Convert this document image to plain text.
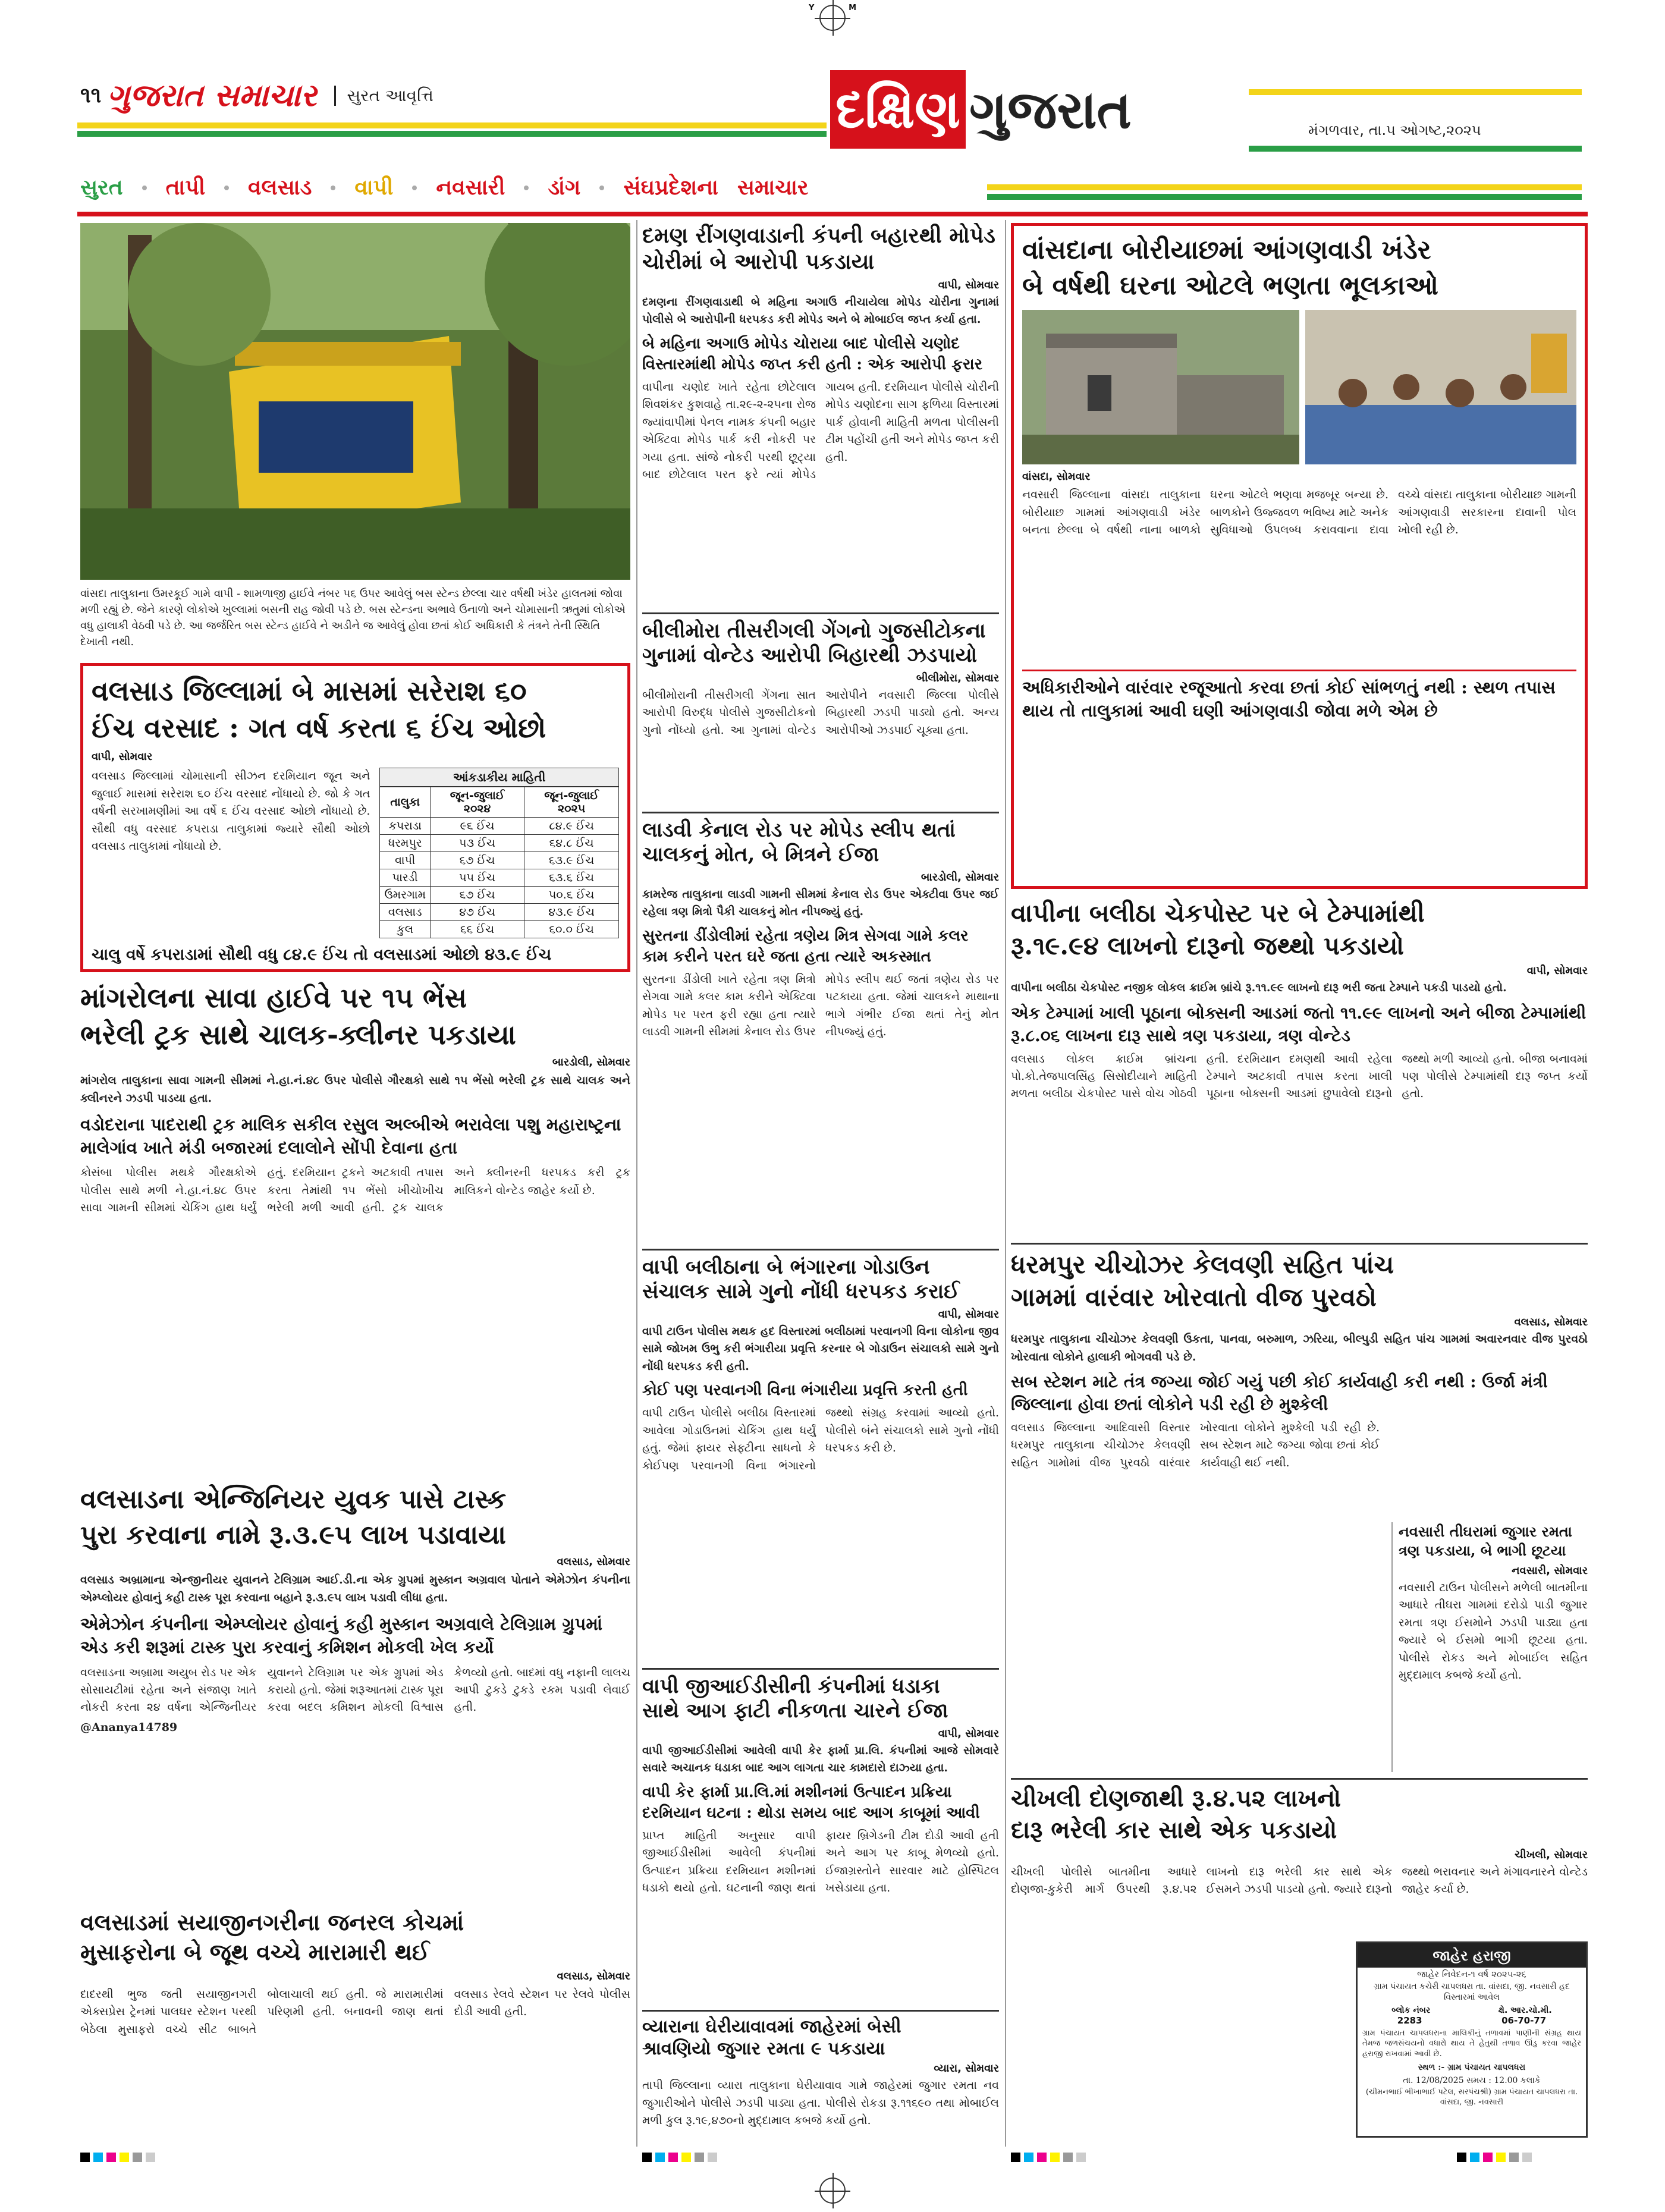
Y	M
૧૧ ગુજરાત સમાચાર	સુરત આવૃત્તિ	દક્ષિણ ગુજરાત	મંગળવાર, તા.૫ ઓગષ્ટ,૨૦૨૫
સુરત તાપી વલસાડ વાપી નવસારી ડાંગ સંઘપ્રદેશના સમાચાર
વાંસદા તાલુકાના ઉમરકૂઈ ગામે વાપી - શામળાજી હાઈવે નંબર ૫૬ ઉપર આવેલું બસ સ્ટેન્ડ છેલ્લા ચાર વર્ષથી ખંડેર હાલતમાં જોવા મળી રહ્યું છે. જેને કારણે લોકોએ ખુલ્લામાં બસની રાહ જોવી પડે છે. બસ સ્ટેન્ડના અભાવે ઉનાળો અને ચોમાસાની ઋતુમાં લોકોએ વધુ હાલાકી વેઠવી પડે છે. આ જર્જરિત બસ સ્ટેન્ડ હાઈવે ને અડીને જ આવેલું હોવા છતાં કોઈ અધિકારી કે તંત્રને તેની સ્થિતિ દેખાતી નથી.
વલસાડ જિલ્લામાં બે માસમાં સરેરાશ ૬૦
ઈંચ વરસાદ : ગત વર્ષ કરતા ૬ ઈંચ ઓછો
વાપી, સોમવાર
વલસાડ જિલ્લામાં ચોમાસાની સીઝન દરમિયાન જૂન અને જુલાઈ માસમાં સરેરાશ ૬૦ ઈંચ વરસાદ નોંધાયો છે. જો કે ગત વર્ષની સરખામણીમાં આ વર્ષે ૬ ઈંચ વરસાદ ઓછો નોંધાયો છે. સૌથી વધુ વરસાદ કપરાડા તાલુકામાં જ્યારે સૌથી ઓછો વલસાડ તાલુકામાં નોંધાયો છે.
આંકડાકીય માહિતી
તાલુકા	જૂન-જુલાઈ ૨૦૨૪	જૂન-જુલાઈ ૨૦૨૫
કપરાડા	૯૬ ઈંચ	૮૪.૯ ઈંચ
ધરમપુર	૫૩ ઈંચ	૬૪.૮ ઈંચ
વાપી	૬૭ ઈંચ	૬૩.૯ ઈંચ
પારડી	૫૫ ઈંચ	૬૩.૬ ઈંચ
ઉમરગામ	૬૭ ઈંચ	૫૦.૬ ઈંચ
વલસાડ	૪૭ ઈંચ	૪૩.૯ ઈંચ
કુલ	૬૬ ઈંચ	૬૦.૦ ઈંચ
ચાલુ વર્ષે કપરાડામાં સૌથી વધુ ૮૪.૯ ઈંચ તો વલસાડમાં ઓછો ૪૩.૯ ઈંચ
માંગરોલના સાવા હાઈવે પર ૧૫ ભેંસ
ભરેલી ટ્રક સાથે ચાલક-ક્લીનર પકડાયા
બારડોલી, સોમવાર
માંગરોલ તાલુકાના સાવા ગામની સીમમાં ને.હા.નં.૪૮ ઉપર પોલીસે ગૌરક્ષકો સાથે ૧૫ ભેંસો ભરેલી ટ્રક સાથે ચાલક અને ક્લીનરને ઝડપી પાડયા હતા.
વડોદરાના પાદરાથી ટ્રક માલિક સકીલ રસુલ અલ્બીએ ભરાવેલા પશુ મહારાષ્ટ્રના માલેગાંવ ખાતે મંડી બજારમાં દલાલોને સોંપી દેવાના હતા
કોસંબા પોલીસ મથકે ગૌરક્ષકોએ પોલીસ સાથે મળી ને.હા.નં.૪૮ ઉપર સાવા ગામની સીમમાં ચેકિંગ હાથ ધર્યું હતું. દરમિયાન ટ્રકને અટકાવી તપાસ કરતા તેમાંથી ૧૫ ભેંસો ખીચોખીચ ભરેલી મળી આવી હતી. ટ્રક ચાલક અને ક્લીનરની ધરપકડ કરી ટ્રક માલિકને વોન્ટેડ જાહેર કર્યો છે.
વલસાડના એન્જિનિયર યુવક પાસે ટાસ્ક
પુરા કરવાના નામે રૂ.૩.૯૫ લાખ પડાવાયા
વલસાડ, સોમવાર
વલસાડ અબ્રામાના એન્જીનીયર યુવાનને ટેલિગ્રામ આઈ.ડી.ના એક ગ્રુપમાં મુસ્કાન અગ્રવાલ પોતાને એમેઝોન કંપનીના એમ્પ્લોયર હોવાનું કહી ટાસ્ક પૂરા કરવાના બહાને રૂ.૩.૯૫ લાખ પડાવી લીધા હતા.
એમેઝોન કંપનીના એમ્પ્લોયર હોવાનું કહી મુસ્કાન અગ્રવાલે ટેલિગ્રામ ગ્રુપમાં એડ કરી શરૂમાં ટાસ્ક પુરા કરવાનું કમિશન મોકલી ખેલ કર્યો
વલસાડના અબ્રામા અયુબ રોડ પર એક સોસાયટીમાં રહેતા અને સંજાણ ખાતે નોકરી કરતા ૨૪ વર્ષના એન્જિનીયર યુવાનને ટેલિગ્રામ પર એક ગ્રુપમાં એડ કરાયો હતો. જેમાં શરૂઆતમાં ટાસ્ક પૂરા કરવા બદલ કમિશન મોકલી વિશ્વાસ કેળવ્યો હતો. બાદમાં વધુ નફાની લાલચ આપી ટુકડે ટુકડે રકમ પડાવી લેવાઈ હતી.
@Ananya14789
વલસાડમાં સયાજીનગરીના જનરલ કોચમાં
મુસાફરોના બે જૂથ વચ્ચે મારામારી થઈ
વલસાડ, સોમવાર
દાદરથી ભુજ જતી સયાજીનગરી એક્સપ્રેસ ટ્રેનમાં પાલઘર સ્ટેશન પરથી બેઠેલા મુસાફરો વચ્ચે સીટ બાબતે બોલાચાલી થઈ હતી. જે મારામારીમાં પરિણમી હતી. બનાવની જાણ થતાં વલસાડ રેલવે સ્ટેશન પર રેલવે પોલીસ દોડી આવી હતી.
દમણ રીંગણવાડાની કંપની બહારથી મોપેડ ચોરીમાં બે આરોપી પકડાયા
વાપી, સોમવાર
દમણના રીંગણવાડાથી બે મહિના અગાઉ નીચાયેલા મોપેડ ચોરીના ગુનામાં પોલીસે બે આરોપીની ધરપકડ કરી મોપેડ અને બે મોબાઈલ જપ્ત કર્યા હતા.
બે મહિના અગાઉ મોપેડ ચોરાયા બાદ પોલીસે ચણોદ વિસ્તારમાંથી મોપેડ જપ્ત કરી હતી : એક આરોપી ફરાર
વાપીના ચણોદ ખાતે રહેતા છોટેલાલ શિવશંકર કુશવાહે તા.૨૯-૨-૨૫ના રોજ જ્યાંવાપીમાં પેનલ નામક કંપની બહાર એક્ટિવા મોપેડ પાર્ક કરી નોકરી પર ગયા હતા. સાંજે નોકરી પરથી છૂટ્યા બાદ છોટેલાલ પરત ફરે ત્યાં મોપેડ ગાયબ હતી. દરમિયાન પોલીસે ચોરીની મોપેડ ચણોદના સાગ ફળિયા વિસ્તારમાં પાર્ક હોવાની માહિતી મળતા પોલીસની ટીમ પહોંચી હતી અને મોપેડ જપ્ત કરી હતી.
બીલીમોરા તીસરીગલી ગેંગનો ગુજસીટોકના ગુનામાં વોન્ટેડ આરોપી બિહારથી ઝડપાયો
બીલીમોરા, સોમવાર
બીલીમોરાની તીસરીગલી ગેંગના સાત આરોપી વિરુદ્ધ પોલીસે ગુજસીટોકનો ગુનો નોંધ્યો હતો. આ ગુનામાં વોન્ટેડ આરોપીને નવસારી જિલ્લા પોલીસે બિહારથી ઝડપી પાડ્યો હતો. અન્ય આરોપીઓ ઝડપાઈ ચૂક્યા હતા.
લાડવી કેનાલ રોડ પર મોપેડ સ્લીપ થતાં ચાલકનું મોત, બે મિત્રને ઈજા
બારડોલી, સોમવાર
કામરેજ તાલુકાના લાડવી ગામની સીમમાં કેનાલ રોડ ઉપર એક્ટીવા ઉપર જઈ રહેલા ત્રણ મિત્રો પૈકી ચાલકનું મોત નીપજ્યું હતું.
સુરતના ડીંડોલીમાં રહેતા ત્રણેય મિત્ર સેગવા ગામે કલર કામ કરીને પરત ઘરે જતા હતા ત્યારે અકસ્માત
સુરતના ડીંડોલી ખાતે રહેતા ત્રણ મિત્રો સેગવા ગામે કલર કામ કરીને એક્ટિવા મોપેડ પર પરત ફરી રહ્યા હતા ત્યારે લાડવી ગામની સીમમાં કેનાલ રોડ ઉપર મોપેડ સ્લીપ થઈ જતાં ત્રણેય રોડ પર પટકાયા હતા. જેમાં ચાલકને માથાના ભાગે ગંભીર ઈજા થતાં તેનું મોત નીપજ્યું હતું.
વાપી બલીઠાના બે ભંગારના ગોડાઉન
સંચાલક સામે ગુનો નોંધી ધરપકડ કરાઈ
વાપી, સોમવાર
વાપી ટાઉન પોલીસ મથક હદ વિસ્તારમાં બલીઠામાં પરવાનગી વિના લોકોના જીવ સામે જોખમ ઉભુ કરી ભંગારીયા પ્રવૃત્તિ કરનાર બે ગોડાઉન સંચાલકો સામે ગુનો નોંધી ધરપકડ કરી હતી.
કોઈ પણ પરવાનગી વિના ભંગારીયા પ્રવૃત્તિ કરતી હતી
વાપી ટાઉન પોલીસે બલીઠા વિસ્તારમાં આવેલા ગોડાઉનમાં ચેકિંગ હાથ ધર્યું હતું. જેમાં ફાયર સેફ્ટીના સાધનો કે કોઈપણ પરવાનગી વિના ભંગારનો જથ્થો સંગ્રહ કરવામાં આવ્યો હતો. પોલીસે બંને સંચાલકો સામે ગુનો નોંધી ધરપકડ કરી છે.
વાપી જીઆઈડીસીની કંપનીમાં ધડાકા
સાથે આગ ફાટી નીકળતા ચારને ઈજા
વાપી, સોમવાર
વાપી જીઆઈડીસીમાં આવેલી વાપી કેર ફાર્મા પ્રા.લિ. કંપનીમાં આજે સોમવારે સવારે અચાનક ધડાકા બાદ આગ લાગતા ચાર કામદારો દાઝ્યા હતા.
વાપી કેર ફાર્મા પ્રા.લિ.માં મશીનમાં ઉત્પાદન પ્રક્રિયા દરમિયાન ઘટના : થોડા સમય બાદ આગ કાબૂમાં આવી
પ્રાપ્ત માહિતી અનુસાર વાપી જીઆઈડીસીમાં આવેલી કંપનીમાં ઉત્પાદન પ્રક્રિયા દરમિયાન મશીનમાં ધડાકો થયો હતો. ઘટનાની જાણ થતાં ફાયર બ્રિગેડની ટીમ દોડી આવી હતી અને આગ પર કાબૂ મેળવ્યો હતો. ઈજાગ્રસ્તોને સારવાર માટે હોસ્પિટલ ખસેડાયા હતા.
વ્યારાના ઘેરીયાવાવમાં જાહેરમાં બેસી
શ્રાવણિયો જુગાર રમતા ૯ પકડાયા
વ્યારા, સોમવાર
તાપી જિલ્લાના વ્યારા તાલુકાના ઘેરીયાવાવ ગામે જાહેરમાં જુગાર રમતા નવ જુગારીઓને પોલીસે ઝડપી પાડ્યા હતા. પોલીસે રોકડા રૂ.૧૧૬૯૦ તથા મોબાઈલ મળી કુલ રૂ.૧૯,૪૭૦નો મુદ્દામાલ કબજે કર્યો હતો.
વાંસદાના બોરીયાછમાં આંગણવાડી ખંડેર
બે વર્ષથી ઘરના ઓટલે ભણતા ભૂલકાઓ
વાંસદા, સોમવાર
નવસારી જિલ્લાના વાંસદા તાલુકાના બોરીયાછ ગામમાં આંગણવાડી ખંડેર બનતા છેલ્લા બે વર્ષથી નાના બાળકો ઘરના ઓટલે ભણવા મજબૂર બન્યા છે. બાળકોને ઉજ્જવળ ભવિષ્ય માટે અનેક સુવિધાઓ ઉપલબ્ધ કરાવવાના દાવા વચ્ચે વાંસદા તાલુકાના બોરીયાછ ગામની આંગણવાડી સરકારના દાવાની પોલ ખોલી રહી છે.
અધિકારીઓને વારંવાર રજૂઆતો કરવા છતાં કોઈ સાંભળતું નથી : સ્થળ તપાસ થાય તો તાલુકામાં આવી ઘણી આંગણવાડી જોવા મળે એમ છે
વાપીના બલીઠા ચેકપોસ્ટ પર બે ટેમ્પામાંથી
રૂ.૧૯.૯૪ લાખનો દારૂનો જથ્થો પકડાયો
વાપી, સોમવાર
વાપીના બલીઠા ચેકપોસ્ટ નજીક લોકલ ક્રાઈમ બ્રાંચે રૂ.૧૧.૯૯ લાખનો દારૂ ભરી જતા ટેમ્પાને પકડી પાડયો હતો.
એક ટેમ્પામાં ખાલી પૂઠાના બોક્સની આડમાં જતો ૧૧.૯૯ લાખનો અને બીજા ટેમ્પામાંથી રૂ.૮.૦૬ લાખના દારૂ સાથે ત્રણ પકડાયા, ત્રણ વોન્ટેડ
વલસાડ લોકલ ક્રાઈમ બ્રાંચના પો.કો.તેજપાલસિંહ સિસોદીયાને માહિતી મળતા બલીઠા ચેકપોસ્ટ પાસે વોચ ગોઠવી હતી. દરમિયાન દમણથી આવી રહેલા ટેમ્પાને અટકાવી તપાસ કરતા ખાલી પૂઠાના બોક્સની આડમાં છુપાવેલો દારૂનો જથ્થો મળી આવ્યો હતો. બીજા બનાવમાં પણ પોલીસે ટેમ્પામાંથી દારૂ જપ્ત કર્યો હતો.
ધરમપુર ચીચોઝર કેલવણી સહિત પાંચ
ગામમાં વારંવાર ખોરવાતો વીજ પુરવઠો
વલસાડ, સોમવાર
ધરમપુર તાલુકાના ચીચોઝર કેલવણી ઉકતા, પાનવા, બરુમાળ, ઝરિયા, બીલ્પુડી સહિત પાંચ ગામમાં અવારનવાર વીજ પુરવઠો ખોરવાતા લોકોને હાલાકી ભોગવવી પડે છે.
સબ સ્ટેશન માટે તંત્ર જગ્યા જોઈ ગયું પછી કોઈ કાર્યવાહી કરી નથી : ઉર્જા મંત્રી જિલ્લાના હોવા છતાં લોકોને પડી રહી છે મુશ્કેલી
વલસાડ જિલ્લાના આદિવાસી વિસ્તાર ધરમપુર તાલુકાના ચીચોઝર કેલવણી સહિત ગામોમાં વીજ પુરવઠો વારંવાર ખોરવાતા લોકોને મુશ્કેલી પડી રહી છે. સબ સ્ટેશન માટે જગ્યા જોવા છતાં કોઈ કાર્યવાહી થઈ નથી.
નવસારી તીઘરામાં જુગાર રમતા ત્રણ પકડાયા, બે ભાગી છૂટયા
નવસારી, સોમવાર
નવસારી ટાઉન પોલીસને મળેલી બાતમીના આધારે તીઘરા ગામમાં દરોડો પાડી જુગાર રમતા ત્રણ ઈસમોને ઝડપી પાડ્યા હતા જ્યારે બે ઈસમો ભાગી છૂટયા હતા. પોલીસે રોકડ અને મોબાઈલ સહિત મુદ્દામાલ કબજે કર્યો હતો.
ચીખલી દોણજાથી રૂ.૪.૫૨ લાખનો
દારૂ ભરેલી કાર સાથે એક પકડાયો
ચીખલી, સોમવાર
ચીખલી પોલીસે બાતમીના આધારે દોણજા-કુકેરી માર્ગ ઉપરથી રૂ.૪.૫૨ લાખનો દારૂ ભરેલી કાર સાથે એક ઈસમને ઝડપી પાડયો હતો. જ્યારે દારૂનો જથ્થો ભરાવનાર અને મંગાવનારને વોન્ટેડ જાહેર કર્યા છે.
જાહેર હરાજી
જાહેર નિવેદન-૧ વર્ષ ૨૦૨૫-૨૬
ગ્રામ પંચાયત કચેરી ચાપલધરા તા. વાંસદા, જી. નવસારી હદ વિસ્તારમાં આવેલ
બ્લોક નંબર	ક્ષે. આર.ચો.મી.
2283	06-70-77
ગ્રામ પંચાયત ચાપલધરાના માલિકીનું તળાવમાં પાણીની સંગ્રહ થાય તેમજ જળસંચયનો વધારો થાય તે હેતુથી તળાવ ઊંડુ કરવા જાહેર હરાજી રાખવામાં આવી છે.
સ્થળ :- ગ્રામ પંચાયત ચાપલધરા
તા. 12/08/2025 સમય : 12.00 કલાકે
(ચીમનભાઈ ભીખાભાઈ પટેલ, સરપંચશ્રી) ગ્રામ પંચાયત ચાપલધરા તા. વાંસદા, જી. નવસારી
